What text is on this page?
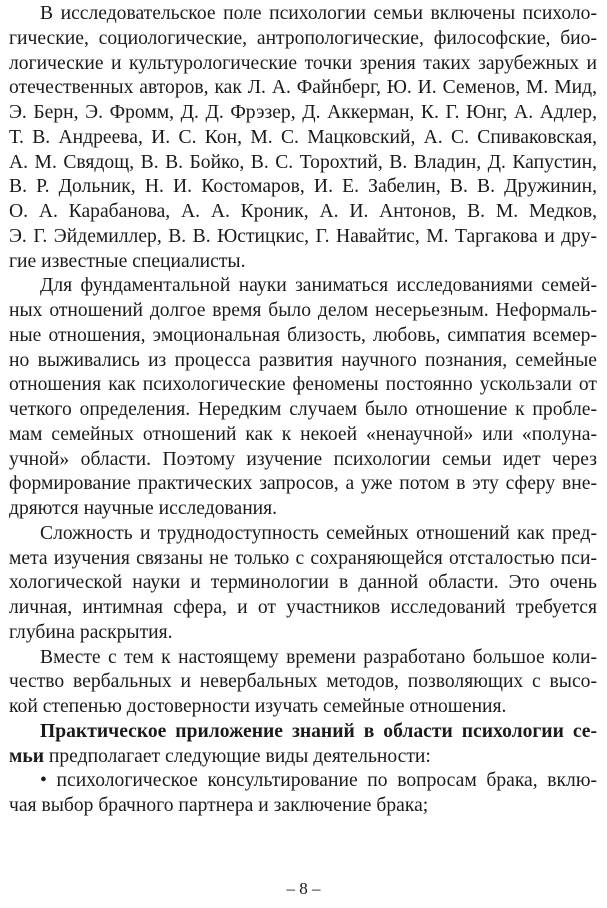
В исследовательское поле психологии семьи включены психоло-
гические, социологические, антропологические, философские, био-
логические и культурологические точки зрения таких зарубежных и
отечественных авторов, как Л. А. Файнберг, Ю. И. Семенов, М. Мид,
Э. Берн, Э. Фромм, Д. Д. Фрэзер, Д. Аккерман, К. Г. Юнг, А. Адлер,
Т. В. Андреева, И. С. Кон, М. С. Мацковский, А. С. Спиваковская,
А. М. Свядощ, В. В. Бойко, В. С. Торохтий, В. Владин, Д. Капустин,
В. Р. Дольник, Н. И. Костомаров, И. Е. Забелин, В. В. Дружинин,
О. А. Карабанова, А. А. Кроник, А. И. Антонов, В. М. Медков,
Э. Г. Эйдемиллер, В. В. Юстицкис, Г. Навайтис, М. Таргакова и дру-
гие известные специалисты.
Для фундаментальной науки заниматься исследованиями семей-
ных отношений долгое время было делом несерьезным. Неформаль-
ные отношения, эмоциональная близость, любовь, симпатия всемер-
но выживались из процесса развития научного познания, семейные
отношения как психологические феномены постоянно ускользали от
четкого определения. Нередким случаем было отношение к пробле-
мам семейных отношений как к некоей «ненаучной» или «полуна-
учной» области. Поэтому изучение психологии семьи идет через
формирование практических запросов, а уже потом в эту сферу вне-
дряются научные исследования.
Сложность и труднодоступность семейных отношений как пред-
мета изучения связаны не только с сохраняющейся отсталостью пси-
хологической науки и терминологии в данной области. Это очень
личная, интимная сфера, и от участников исследований требуется
глубина раскрытия.
Вместе с тем к настоящему времени разработано большое коли-
чество вербальных и невербальных методов, позволяющих с высо-
кой степенью достоверности изучать семейные отношения.
Практическое приложение знаний в области психологии се-
мьи предполагает следующие виды деятельности:
• психологическое консультирование по вопросам брака, вклю-
чая выбор брачного партнера и заключение брака;
– 8 –
